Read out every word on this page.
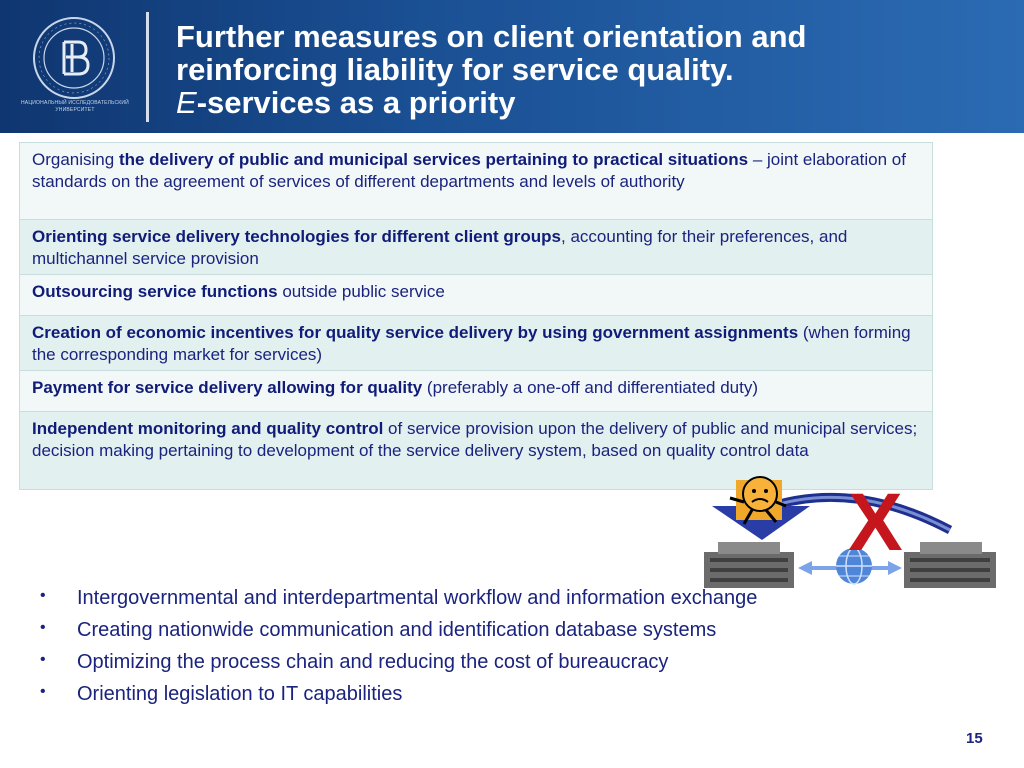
НАЦИОНАЛЬНЫЙ ИССЛЕДОВАТЕЛЬСКИЙ УНИВЕРСИТЕТ
Further measures on client orientation and
reinforcing liability for service quality.
E-services as a priority
Organising the delivery of public and municipal services pertaining to practical situations – joint elaboration of standards on the agreement of services of different departments and levels of authority
Orienting service delivery technologies for different client groups, accounting for their preferences, and multichannel service provision
Outsourcing service functions outside public service
Creation of economic incentives for quality service delivery by using government assignments (when forming the corresponding market for services)
Payment for service delivery allowing for quality (preferably a one-off and differentiated duty)
Independent monitoring and quality control of service provision upon the delivery of public and municipal services; decision making pertaining to development of the service delivery system, based on quality control data
X
• Intergovernmental and interdepartmental workflow and information exchange
• Creating nationwide communication and identification database systems
• Optimizing the process chain and reducing the cost of bureaucracy
• Orienting legislation to IT capabilities
15
